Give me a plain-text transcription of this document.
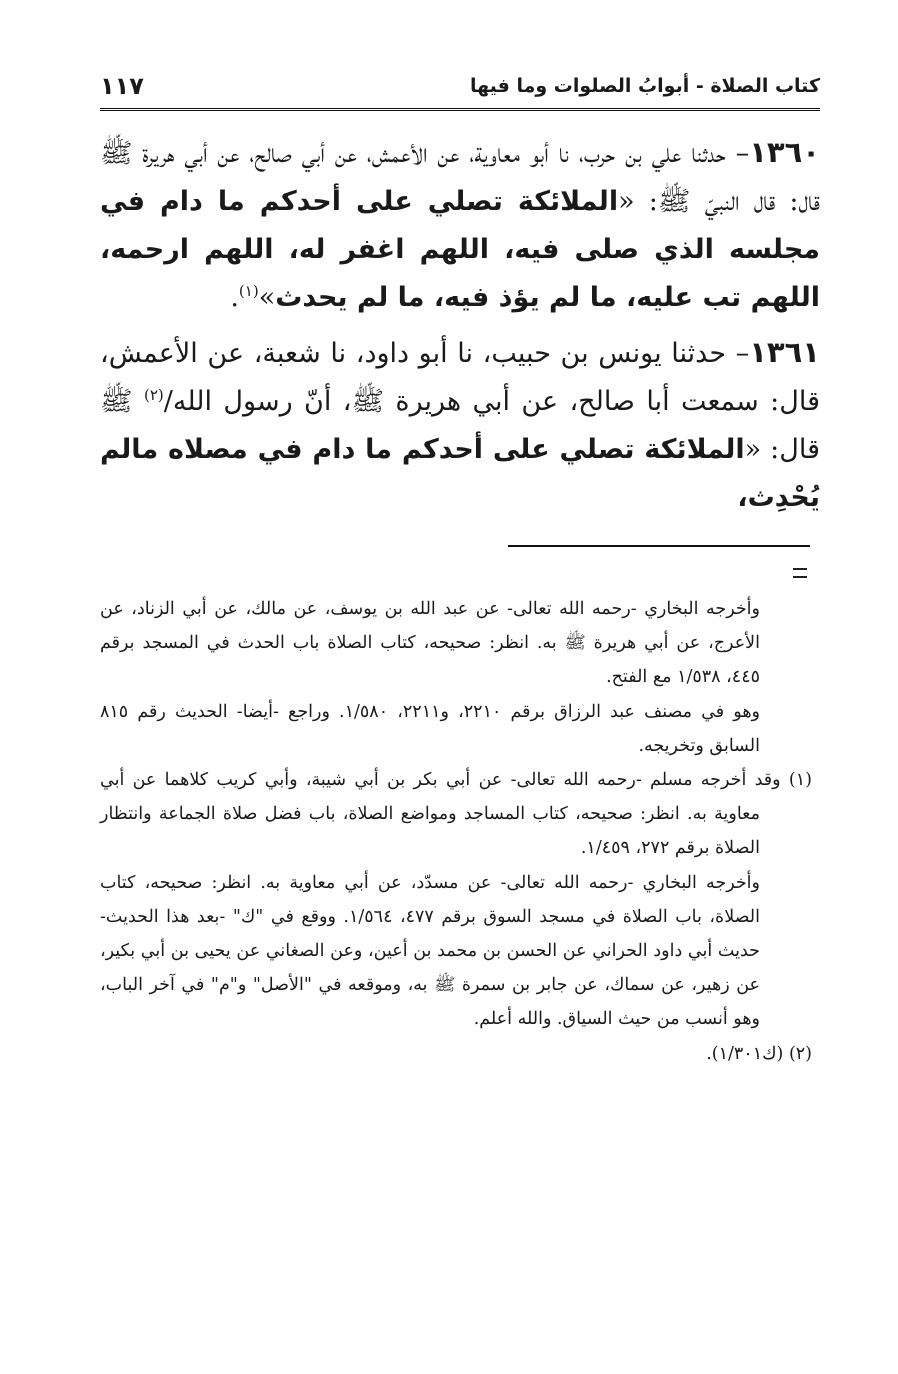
كتاب الصلاة - أبوابُ الصلوات وما فيها
١١٧

١٣٦٠– حدثنا علي بن حرب، نا أبو معاوية، عن الأعمش، عن أبي صالح، عن أبي هريرة ﷺ قال: قال النبيّ ﷺ: «الملائكة تصلي على أحدكم ما دام في مجلسه الذي صلى فيه، اللهم اغفر له، اللهم ارحمه، اللهم تب عليه، ما لم يؤذ فيه، ما لم يحدث»$^{(١)}$.

١٣٦١– حدثنا يونس بن حبيب، نا أبو داود، نا شعبة، عن الأعمش، قال: سمعت أبا صالح، عن أبي هريرة ﷺ، أنّ رسول الله/$^{(٢)}$ ﷺ قال: «الملائكة تصلي على أحدكم ما دام في مصلاه مالم يُحْدِث،

وأخرجه البخاري -رحمه الله تعالى- عن عبد الله بن يوسف، عن مالك، عن أبي الزناد، عن الأعرج، عن أبي هريرة ﷺ به. انظر: صحيحه، كتاب الصلاة باب الحدث في المسجد برقم ٤٤٥، ١/٥٣٨ مع الفتح.

وهو في مصنف عبد الرزاق برقم ٢٢١٠، و٢٢١١، ١/٥٨٠. وراجع -أيضا- الحديث رقم ٨١٥ السابق وتخريجه.

(١) وقد أخرجه مسلم -رحمه الله تعالى- عن أبي بكر بن أبي شيبة، وأبي كريب كلاهما عن أبي معاوية به. انظر: صحيحه، كتاب المساجد ومواضع الصلاة، باب فضل صلاة الجماعة وانتظار الصلاة برقم ٢٧٢، ١/٤٥٩.

وأخرجه البخاري -رحمه الله تعالى- عن مسدّد، عن أبي معاوية به. انظر: صحيحه، كتاب الصلاة، باب الصلاة في مسجد السوق برقم ٤٧٧، ١/٥٦٤. ووقع في "ك" -بعد هذا الحديث- حديث أبي داود الحراني عن الحسن بن محمد بن أعين، وعن الصغاني عن يحيى بن أبي بكير، عن زهير، عن سماك، عن جابر بن سمرة ﷺ به، وموقعه في "الأصل" و"م" في آخر الباب، وهو أنسب من حيث السياق. والله أعلم.

(٢) (ك١/٣٠١).
